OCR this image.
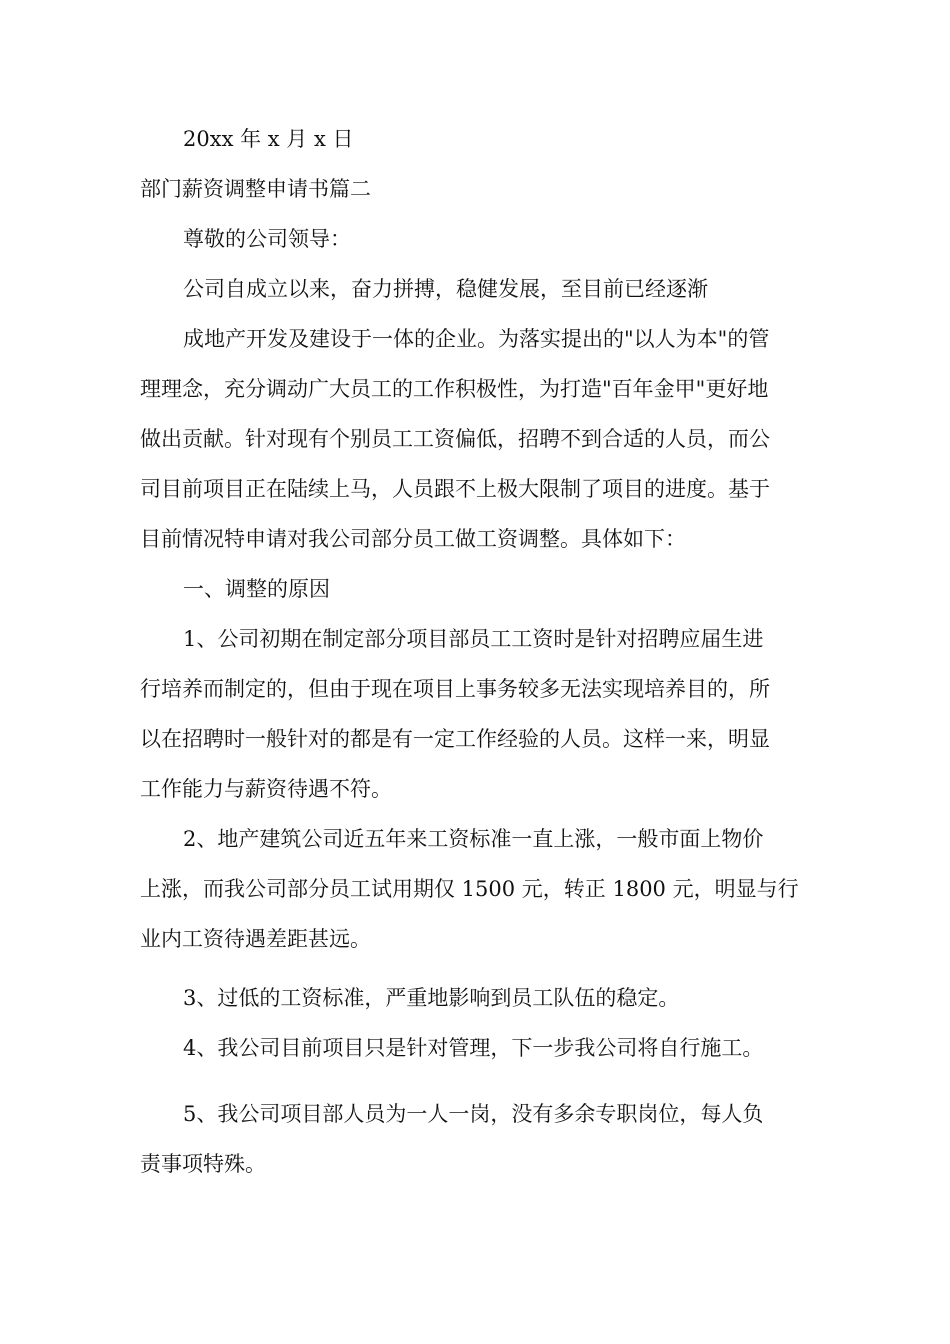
20xx 年 x 月 x 日

部门薪资调整申请书篇二

尊敬的公司领导：

公司自成立以来，奋力拼搏，稳健发展，至目前已经逐渐

成地产开发及建设于一体的企业。为落实提出的"以人为本"的管

理理念，充分调动广大员工的工作积极性，为打造"百年金甲"更好地

做出贡献。针对现有个别员工工资偏低，招聘不到合适的人员，而公

司目前项目正在陆续上马，人员跟不上极大限制了项目的进度。基于

目前情况特申请对我公司部分员工做工资调整。具体如下：

一、调整的原因

1、公司初期在制定部分项目部员工工资时是针对招聘应届生进

行培养而制定的，但由于现在项目上事务较多无法实现培养目的，所

以在招聘时一般针对的都是有一定工作经验的人员。这样一来，明显

工作能力与薪资待遇不符。

2、地产建筑公司近五年来工资标准一直上涨，一般市面上物价

上涨，而我公司部分员工试用期仅 1500 元，转正 1800 元，明显与行

业内工资待遇差距甚远。

3、过低的工资标准，严重地影响到员工队伍的稳定。

4、我公司目前项目只是针对管理，下一步我公司将自行施工。

5、我公司项目部人员为一人一岗，没有多余专职岗位，每人负

责事项特殊。
